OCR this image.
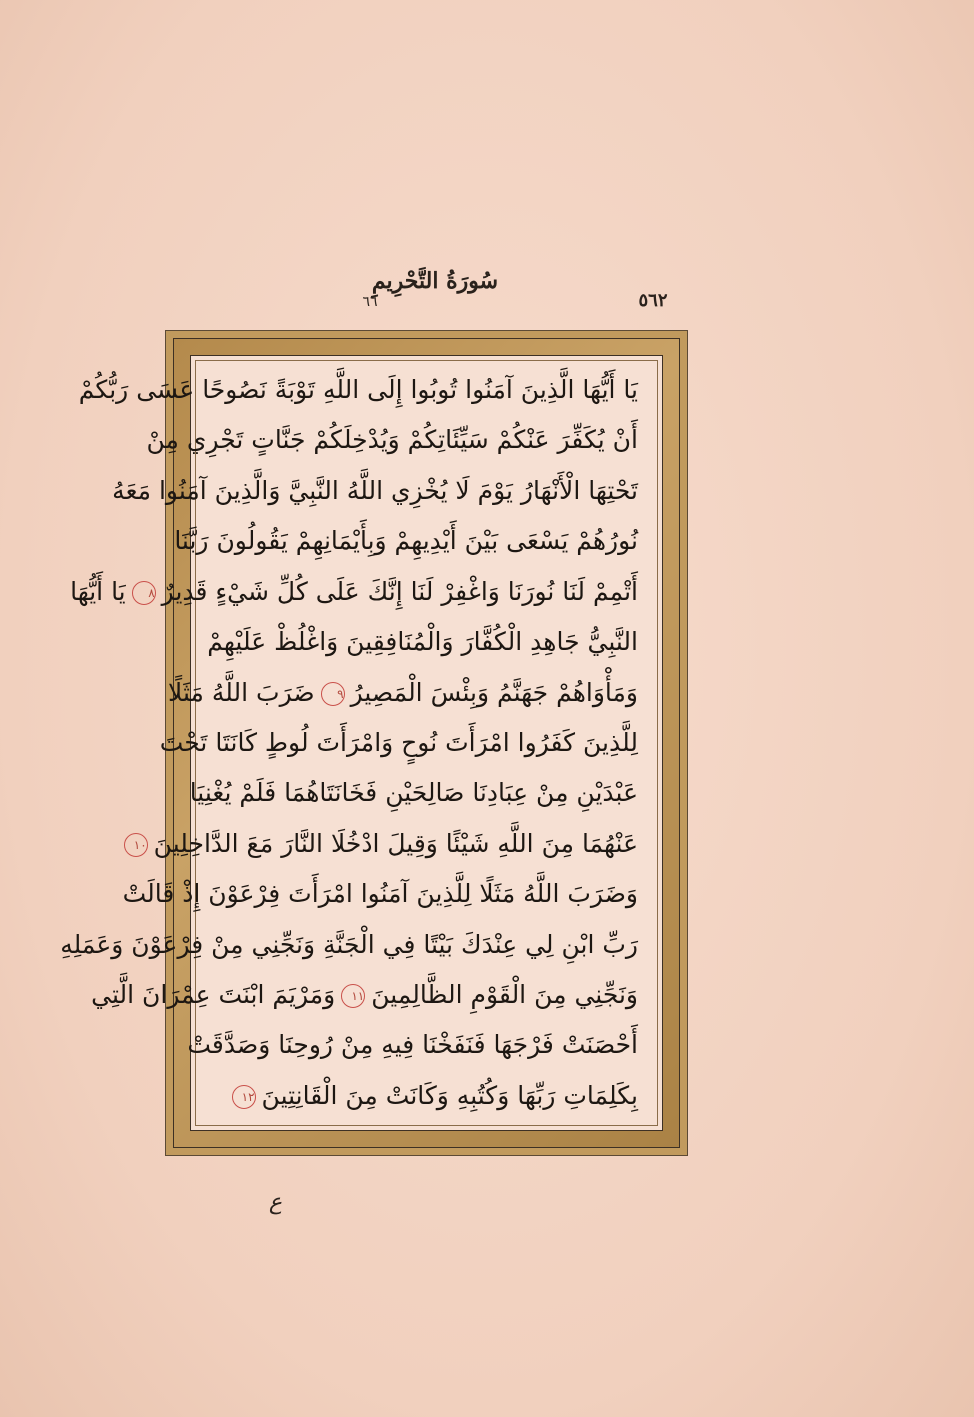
سُورَةُ التَّحْرِيمِ
٦٦	٥٦٢
يَا أَيُّهَا الَّذِينَ آمَنُوا تُوبُوا إِلَى اللَّهِ تَوْبَةً نَصُوحًا عَسَى رَبُّكُمْ
أَنْ يُكَفِّرَ عَنْكُمْ سَيِّئَاتِكُمْ وَيُدْخِلَكُمْ جَنَّاتٍ تَجْرِي مِنْ
تَحْتِهَا الْأَنْهَارُ يَوْمَ لَا يُخْزِي اللَّهُ النَّبِيَّ وَالَّذِينَ آمَنُوا مَعَهُ
نُورُهُمْ يَسْعَى بَيْنَ أَيْدِيهِمْ وَبِأَيْمَانِهِمْ يَقُولُونَ رَبَّنَا
أَتْمِمْ لَنَا نُورَنَا وَاغْفِرْ لَنَا إِنَّكَ عَلَى كُلِّ شَيْءٍ قَدِيرٌ٨يَا أَيُّهَا
النَّبِيُّ جَاهِدِ الْكُفَّارَ وَالْمُنَافِقِينَ وَاغْلُظْ عَلَيْهِمْ
وَمَأْوَاهُمْ جَهَنَّمُ وَبِئْسَ الْمَصِيرُ٩ضَرَبَ اللَّهُ مَثَلًا
لِلَّذِينَ كَفَرُوا امْرَأَتَ نُوحٍ وَامْرَأَتَ لُوطٍ كَانَتَا تَحْتَ
عَبْدَيْنِ مِنْ عِبَادِنَا صَالِحَيْنِ فَخَانَتَاهُمَا فَلَمْ يُغْنِيَا
عَنْهُمَا مِنَ اللَّهِ شَيْئًا وَقِيلَ ادْخُلَا النَّارَ مَعَ الدَّاخِلِينَ١٠
وَضَرَبَ اللَّهُ مَثَلًا لِلَّذِينَ آمَنُوا امْرَأَتَ فِرْعَوْنَ إِذْ قَالَتْ
رَبِّ ابْنِ لِي عِنْدَكَ بَيْتًا فِي الْجَنَّةِ وَنَجِّنِي مِنْ فِرْعَوْنَ وَعَمَلِهِ
وَنَجِّنِي مِنَ الْقَوْمِ الظَّالِمِينَ١١وَمَرْيَمَ ابْنَتَ عِمْرَانَ الَّتِي
أَحْصَنَتْ فَرْجَهَا فَنَفَخْنَا فِيهِ مِنْ رُوحِنَا وَصَدَّقَتْ
بِكَلِمَاتِ رَبِّهَا وَكُتُبِهِ وَكَانَتْ مِنَ الْقَانِتِينَ١٢
ع
